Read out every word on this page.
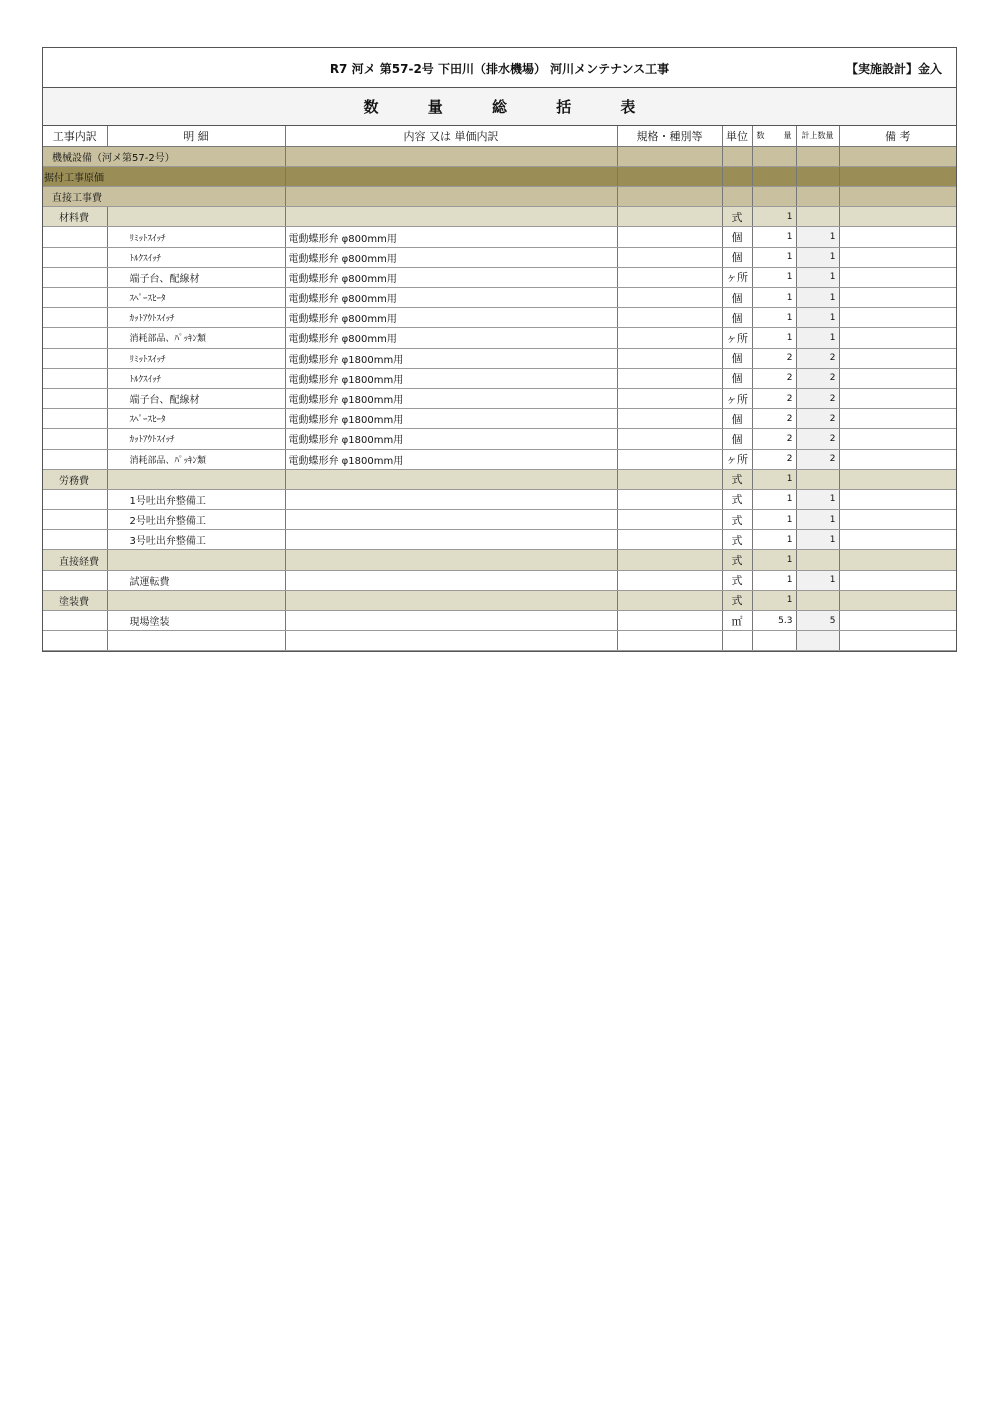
R7 河メ 第57-2号 下田川（排水機場） 河川メンテナンス工事	【実施設計】金入
数 量 総 括 表
工事内訳	明 細	内容 又は 単価内訳	規格・種別等	単位	数 量	計上数量	備 考
機械設備（河メ第57-2号）							
据付工事原価							
直接工事費							
材料費				式	1		
	ﾘﾐｯﾄｽｲｯﾁ	電動蝶形弁 φ800mm用		個	1	1	
	ﾄﾙｸｽｲｯﾁ	電動蝶形弁 φ800mm用		個	1	1	
	端子台、配線材	電動蝶形弁 φ800mm用		ヶ所	1	1	
	ｽﾍﾟｰｽﾋｰﾀ	電動蝶形弁 φ800mm用		個	1	1	
	ｶｯﾄｱｳﾄｽｲｯﾁ	電動蝶形弁 φ800mm用		個	1	1	
	消耗部品、ﾊﾟｯｷﾝ類	電動蝶形弁 φ800mm用		ヶ所	1	1	
	ﾘﾐｯﾄｽｲｯﾁ	電動蝶形弁 φ1800mm用		個	2	2	
	ﾄﾙｸｽｲｯﾁ	電動蝶形弁 φ1800mm用		個	2	2	
	端子台、配線材	電動蝶形弁 φ1800mm用		ヶ所	2	2	
	ｽﾍﾟｰｽﾋｰﾀ	電動蝶形弁 φ1800mm用		個	2	2	
	ｶｯﾄｱｳﾄｽｲｯﾁ	電動蝶形弁 φ1800mm用		個	2	2	
	消耗部品、ﾊﾟｯｷﾝ類	電動蝶形弁 φ1800mm用		ヶ所	2	2	
労務費				式	1		
	1号吐出弁整備工			式	1	1	
	2号吐出弁整備工			式	1	1	
	3号吐出弁整備工			式	1	1	
直接経費				式	1		
	試運転費			式	1	1	
塗装費				式	1		
	現場塗装			㎡	5.3	5	
